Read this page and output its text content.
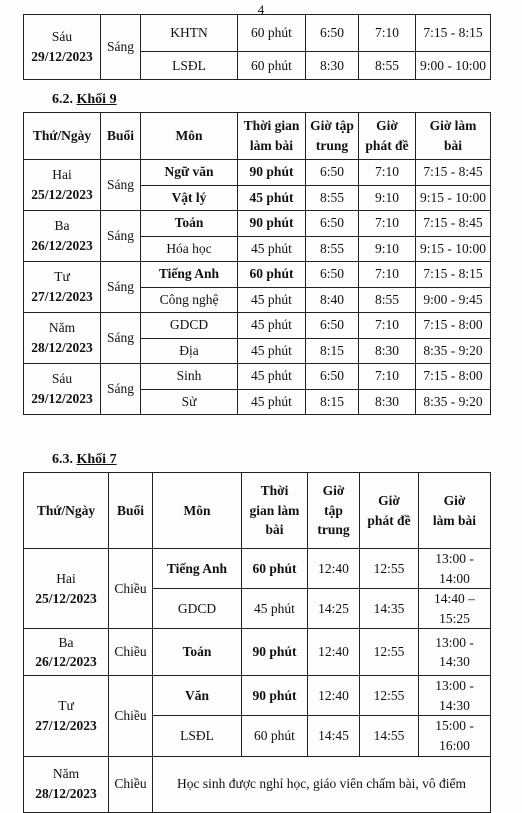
4
Sáu
29/12/2023	Sáng	KHTN	60 phút	6:50	7:10	7:15 - 8:15
		LSĐL	60 phút	8:30	8:55	9:00 - 10:00
6.2. Khối 9
Thứ/Ngày	Buổi	Môn	Thời gian làm bài	Giờ tập trung	Giờ phát đề	Giờ làm bài
Hai
25/12/2023	Sáng	Ngữ văn	90 phút	6:50	7:10	7:15 - 8:45
		Vật lý	45 phút	8:55	9:10	9:15 - 10:00
Ba
26/12/2023	Sáng	Toán	90 phút	6:50	7:10	7:15 - 8:45
		Hóa học	45 phút	8:55	9:10	9:15 - 10:00
Tư
27/12/2023	Sáng	Tiếng Anh	60 phút	6:50	7:10	7:15 - 8:15
		Công nghệ	45 phút	8:40	8:55	9:00 - 9:45
Năm
28/12/2023	Sáng	GDCD	45 phút	6:50	7:10	7:15 - 8:00
		Địa	45 phút	8:15	8:30	8:35 - 9:20
Sáu
29/12/2023	Sáng	Sinh	45 phút	6:50	7:10	7:15 - 8:00
		Sử	45 phút	8:15	8:30	8:35 - 9:20
6.3. Khối 7
Thứ/Ngày	Buổi	Môn	Thời
gian làm
bài	Giờ
tập
trung	Giờ
phát đề	Giờ
làm bài
Hai
25/12/2023	Chiều	Tiếng Anh	60 phút	12:40	12:55	13:00 - 14:00
		GDCD	45 phút	14:25	14:35	14:40 – 15:25
Ba
26/12/2023	Chiều	Toán	90 phút	12:40	12:55	13:00 - 14:30
Tư
27/12/2023	Chiều	Văn	90 phút	12:40	12:55	13:00 - 14:30
		LSĐL	60 phút	14:45	14:55	15:00 - 16:00
Năm
28/12/2023	Chiều	Học sinh được nghỉ học, giáo viên chấm bài, vô điểm				
